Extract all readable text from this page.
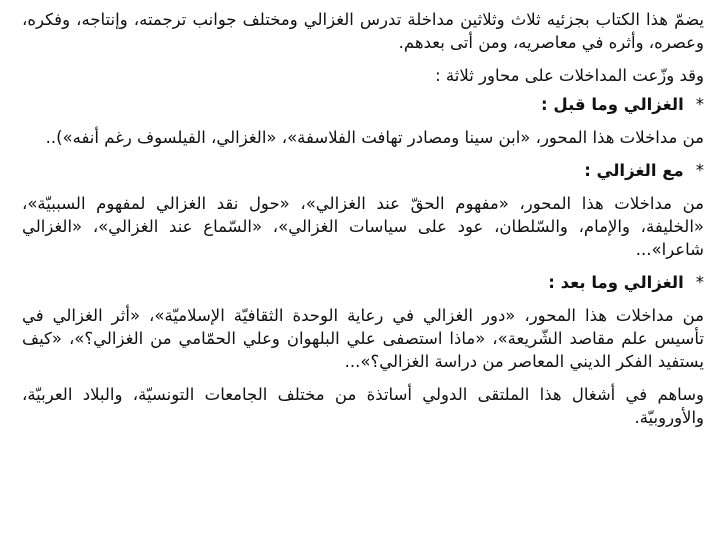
يضمّ هذا الكتاب بجزئيه ثلاث وثلاثين مداخلة تدرس الغزالي ومختلف جوانب ترجمته، وإنتاجه، وفكره، وعصره، وأثره في معاصريه، ومن أتى بعدهم.

وقد وزّعت المداخلات على محاور ثلاثة :

*الغزالي وما قبل :

من مداخلات هذا المحور، «ابن سينا ومصادر تهافت الفلاسفة»، «الغزالي، الفيلسوف رغم أنفه»)..

*مع الغزالي :

من مداخلات هذا المحور، «مفهوم الحقّ عند الغزالي»، «حول نقد الغزالي لمفهوم السببيّة»، «الخليفة، والإمام، والسّلطان، عود على سياسات الغزالي»، «السّماع عند الغزالي»، «الغزالي شاعرا»...

*الغزالي وما بعد :

من مداخلات هذا المحور، «دور الغزالي في رعاية الوحدة الثقافيّة الإسلاميّة»، «أثر الغزالي في تأسيس علم مقاصد الشّريعة»، «ماذا استصفى علي البلهوان وعلي الحمّامي من الغزالي؟»، «كيف يستفيد الفكر الديني المعاصر من دراسة الغزالي؟»...

وساهم في أشغال هذا الملتقى الدولي أساتذة من مختلف الجامعات التونسيّة، والبلاد العربيّة، والأوروبيّة.
